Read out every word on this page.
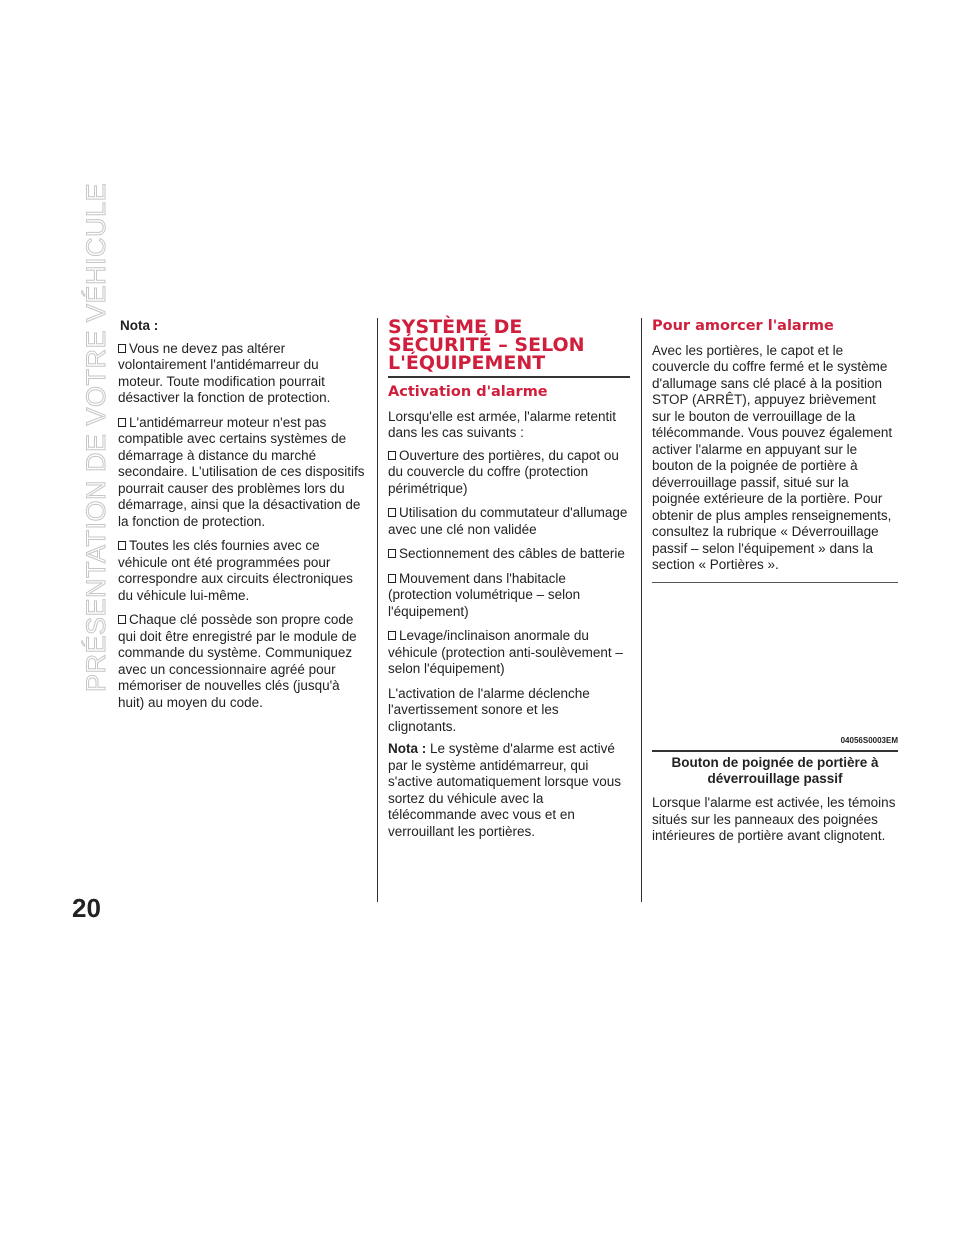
PRÉSENTATION DE VOTRE VÉHICULE
20
Nota :
Vous ne devez pas altérer volontairement l'antidémarreur du moteur. Toute modification pourrait désactiver la fonction de protection.
L'antidémarreur moteur n'est pas compatible avec certains systèmes de démarrage à distance du marché secondaire. L'utilisation de ces dispositifs pourrait causer des problèmes lors du démarrage, ainsi que la désactivation de la fonction de protection.
Toutes les clés fournies avec ce véhicule ont été programmées pour correspondre aux circuits électroniques du véhicule lui-même.
Chaque clé possède son propre code qui doit être enregistré par le module de commande du système. Communiquez avec un concessionnaire agréé pour mémoriser de nouvelles clés (jusqu'à huit) au moyen du code.
SYSTÈME DE SÉCURITÉ – SELON L'ÉQUIPEMENT
Activation d'alarme

Lorsqu'elle est armée, l'alarme retentit dans les cas suivants :

Ouverture des portières, du capot ou du couvercle du coffre (protection périmétrique)
Utilisation du commutateur d'allumage avec une clé non validée
Sectionnement des câbles de batterie
Mouvement dans l'habitacle (protection volumétrique – selon l'équipement)
Levage/inclinaison anormale du véhicule (protection anti-soulèvement – selon l'équipement)

L'activation de l'alarme déclenche l'avertissement sonore et les clignotants.

Nota : Le système d'alarme est activé par le système antidémarreur, qui s'active automatiquement lorsque vous sortez du véhicule avec la télécommande avec vous et en verrouillant les portières.

Pour amorcer l'alarme

Avec les portières, le capot et le couvercle du coffre fermé et le système d'allumage sans clé placé à la position STOP (ARRÊT), appuyez brièvement sur le bouton de verrouillage de la télécommande. Vous pouvez également activer l'alarme en appuyant sur le bouton de la poignée de portière à déverrouillage passif, situé sur la poignée extérieure de la portière. Pour obtenir de plus amples renseignements, consultez la rubrique « Déverrouillage passif – selon l'équipement » dans la section « Portières ».

04056S0003EM
Bouton de poignée de portière à déverrouillage passif

Lorsque l'alarme est activée, les témoins situés sur les panneaux des poignées intérieures de portière avant clignotent.
